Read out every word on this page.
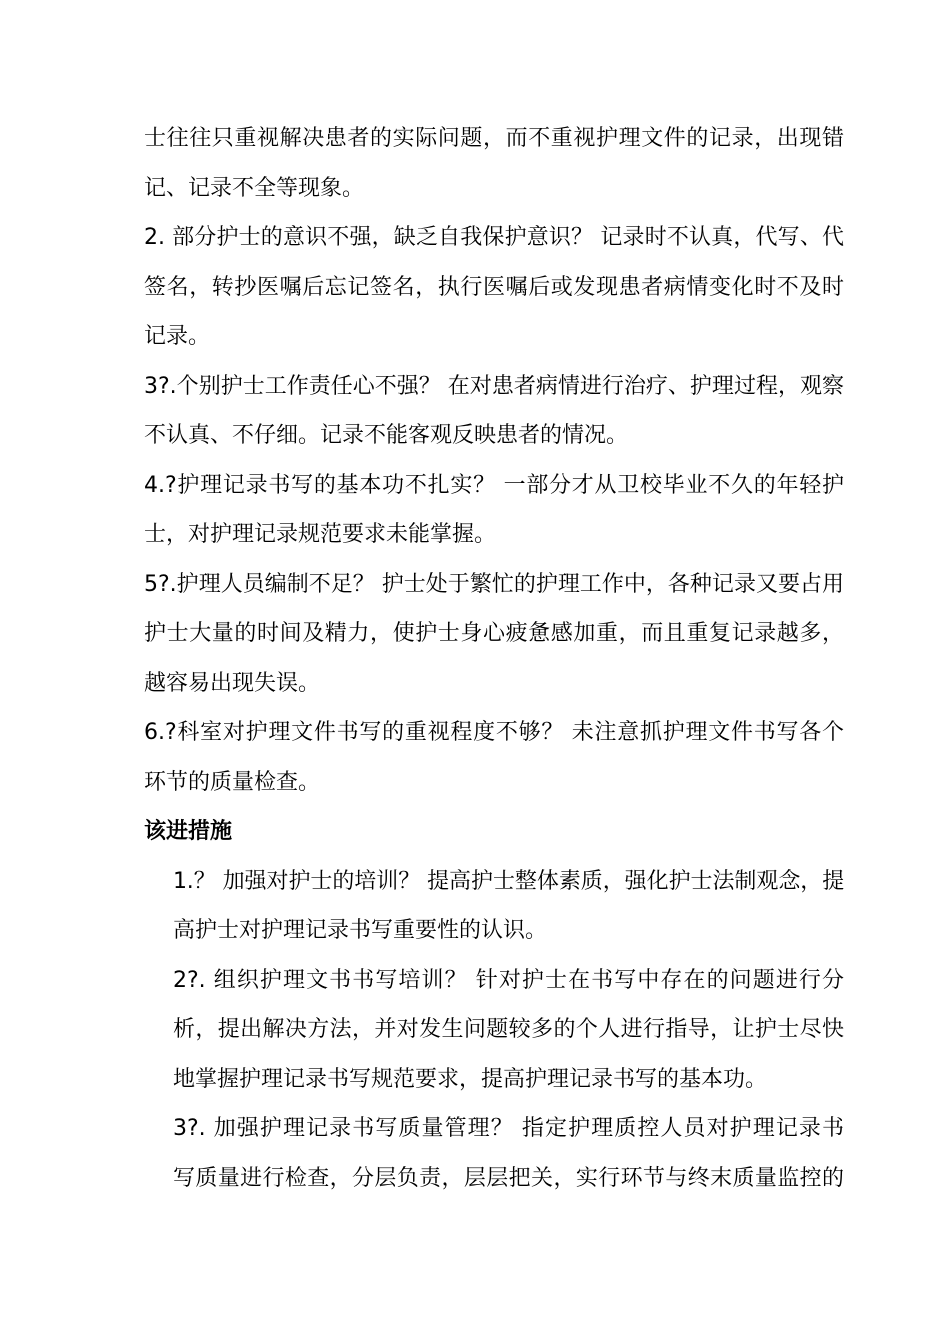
士往往只重视解决患者的实际问题，而不重视护理文件的记录，出现错
记、记录不全等现象。
2. 部分护士的意识不强，缺乏自我保护意识？ 记录时不认真，代写、代
签名，转抄医嘱后忘记签名，执行医嘱后或发现患者病情变化时不及时
记录。
3?.个别护士工作责任心不强？ 在对患者病情进行治疗、护理过程，观察
不认真、不仔细。记录不能客观反映患者的情况。
4.?护理记录书写的基本功不扎实？ 一部分才从卫校毕业不久的年轻护
士，对护理记录规范要求未能掌握。
5?.护理人员编制不足？ 护士处于繁忙的护理工作中，各种记录又要占用
护士大量的时间及精力，使护士身心疲惫感加重，而且重复记录越多，
越容易出现失误。
6.?科室对护理文件书写的重视程度不够？ 未注意抓护理文件书写各个
环节的质量检查。
该进措施
1.？ 加强对护士的培训？ 提高护士整体素质，强化护士法制观念，提
高护士对护理记录书写重要性的认识。
2?. 组织护理文书书写培训？ 针对护士在书写中存在的问题进行分
析，提出解决方法，并对发生问题较多的个人进行指导，让护士尽快
地掌握护理记录书写规范要求，提高护理记录书写的基本功。
3?. 加强护理记录书写质量管理？ 指定护理质控人员对护理记录书
写质量进行检查，分层负责，层层把关，实行环节与终末质量监控的
